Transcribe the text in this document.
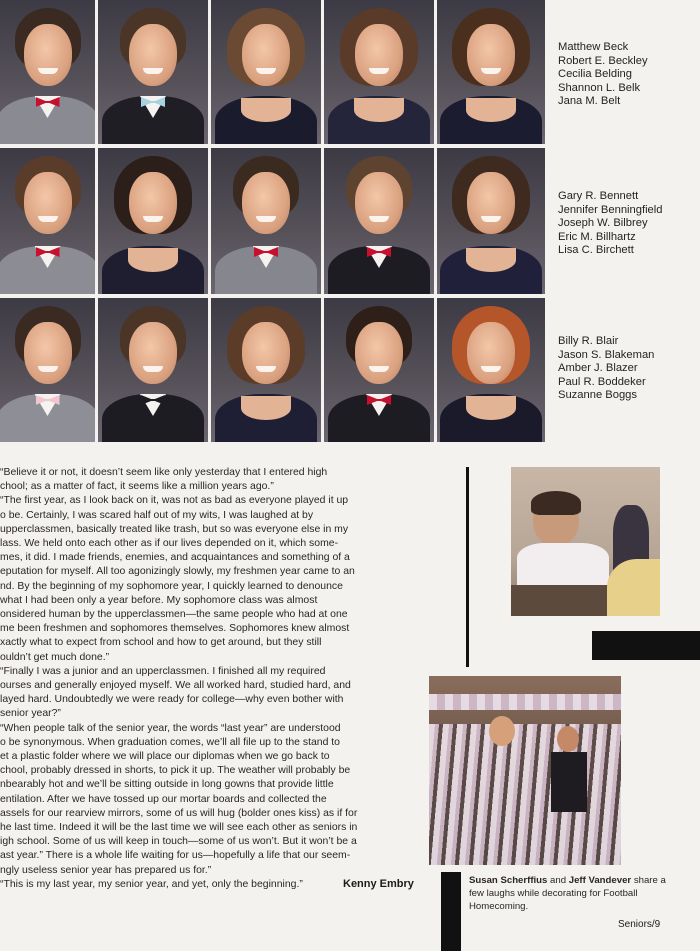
Matthew Beck
Robert E. Beckley
Cecilia Belding
Shannon L. Belk
Jana M. Belt
Gary R. Bennett
Jennifer Benningfield
Joseph W. Bilbrey
Eric M. Billhartz
Lisa C. Birchett
Billy R. Blair
Jason S. Blakeman
Amber J. Blazer
Paul R. Boddeker
Suzanne Boggs
“Believe it or not, it doesn’t seem like only yesterday that I entered high
chool; as a matter of fact, it seems like a million years ago.”
“The first year, as I look back on it, was not as bad as everyone played it up
o be. Certainly, I was scared half out of my wits, I was laughed at by
upperclassmen, basically treated like trash, but so was everyone else in my
lass. We held onto each other as if our lives depended on it, which some-
mes, it did. I made friends, enemies, and acquaintances and something of a
eputation for myself. All too agonizingly slowly, my freshmen year came to an
nd. By the beginning of my sophomore year, I quickly learned to denounce
what I had been only a year before. My sophomore class was almost
onsidered human by the upperclassmen—the same people who had at one
me been freshmen and sophomores themselves. Sophomores knew almost
xactly what to expect from school and how to get around, but they still
ouldn’t get much done.”
“Finally I was a junior and an upperclassmen. I finished all my required
ourses and generally enjoyed myself. We all worked hard, studied hard, and
layed hard. Undoubtedly we were ready for college—why even bother with
senior year?”
“When people talk of the senior year, the words “last year” are understood
o be synonymous. When graduation comes, we’ll all file up to the stand to
et a plastic folder where we will place our diplomas when we go back to
chool, probably dressed in shorts, to pick it up. The weather will probably be
nbearably hot and we’ll be sitting outside in long gowns that provide little
entilation. After we have tossed up our mortar boards and collected the
assels for our rearview mirrors, some of us will hug (bolder ones kiss) as if for
he last time. Indeed it will be the last time we will see each other as seniors in
igh school. Some of us will keep in touch—some of us won’t. But it won’t be a
ast year.” There is a whole life waiting for us—hopefully a life that our seem-
ngly useless senior year has prepared us for.”
“This is my last year, my senior year, and yet, only the beginning.”	Kenny Embry	Susan Scherffius and Jeff Vandever share a few laughs while decorating for Football Homecoming.
Seniors/9
